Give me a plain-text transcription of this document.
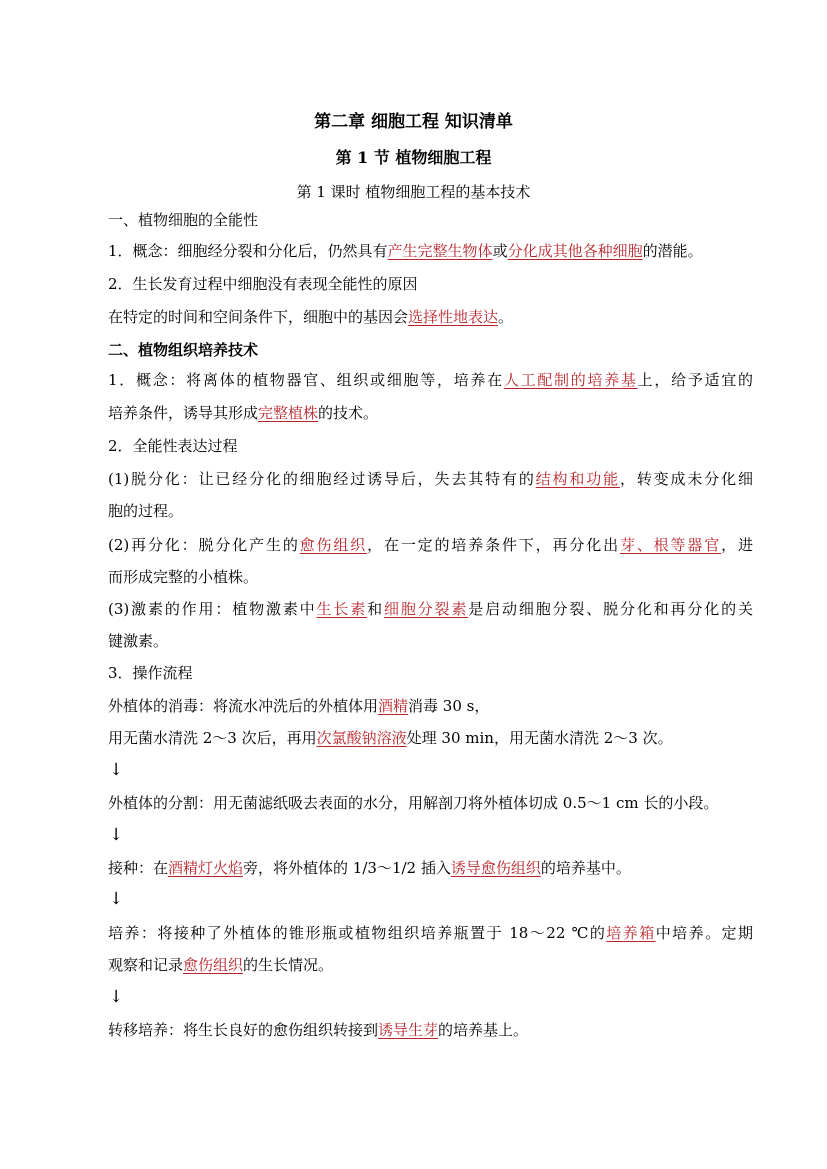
第二章 细胞工程 知识清单
第 1 节 植物细胞工程
第 1 课时 植物细胞工程的基本技术
一、植物细胞的全能性
1．概念：细胞经分裂和分化后，仍然具有产生完整生物体或分化成其他各种细胞的潜能。
2．生长发育过程中细胞没有表现全能性的原因
在特定的时间和空间条件下，细胞中的基因会选择性地表达。
二、植物组织培养技术
1．概念：将离体的植物器官、组织或细胞等，培养在人工配制的培养基上，给予适宜的
培养条件，诱导其形成完整植株的技术。
2．全能性表达过程
(1)脱分化：让已经分化的细胞经过诱导后，失去其特有的结构和功能，转变成未分化细
胞的过程。
(2)再分化：脱分化产生的愈伤组织，在一定的培养条件下，再分化出芽、根等器官，进
而形成完整的小植株。
(3)激素的作用：植物激素中生长素和细胞分裂素是启动细胞分裂、脱分化和再分化的关
键激素。
3．操作流程
外植体的消毒：将流水冲洗后的外植体用酒精消毒 30 s，
用无菌水清洗 2～3 次后，再用次氯酸钠溶液处理 30 min，用无菌水清洗 2～3 次。
↓
外植体的分割：用无菌滤纸吸去表面的水分，用解剖刀将外植体切成 0.5～1 cm 长的小段。
↓
接种：在酒精灯火焰旁，将外植体的 1/3～1/2 插入诱导愈伤组织的培养基中。
↓
培养：将接种了外植体的锥形瓶或植物组织培养瓶置于 18～22 ℃的培养箱中培养。定期
观察和记录愈伤组织的生长情况。
↓
转移培养：将生长良好的愈伤组织转接到诱导生芽的培养基上。
